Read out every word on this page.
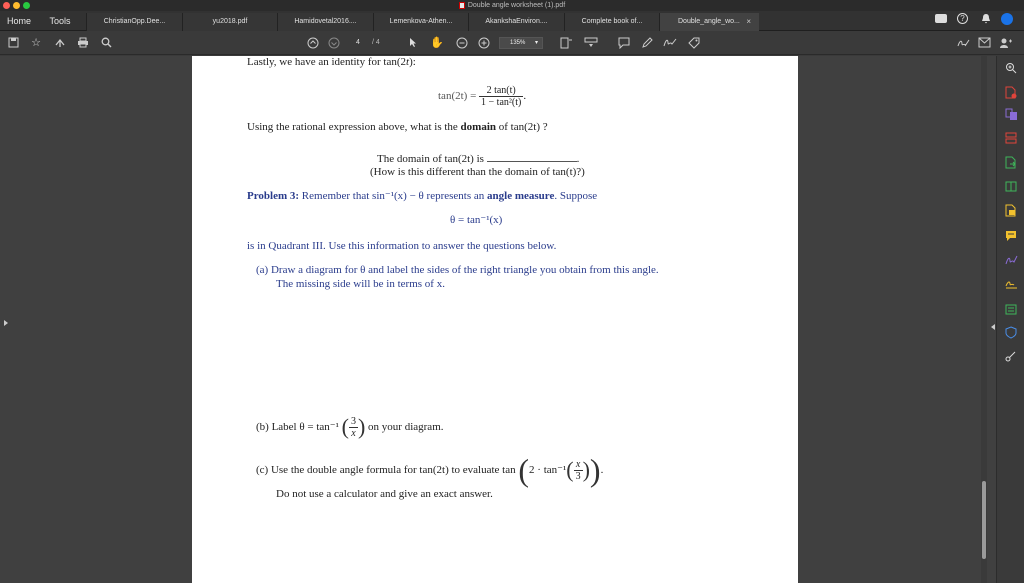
Double angle worksheet (1).pdf
Home	Tools	ChristianOpp.Dee...	yu2018.pdf	Hamidovetal2016....	Lemenkova-Athen...	AkankshaEnviron....	Complete book of...	Double_angle_wo... ×	?
☆	4 / 4	✋	135% ▾
Lastly, we have an identity for tan(2t):
$\tan(2t) = \frac{2 \tan(t)}{\text{1 − tan²(t)}}$ .
Using the rational expression above, what is the domain of tan(2t) ?
The domain of tan(2t) is	.
(How is this different than the domain of tan(t)?)
Problem 3: Remember that sin⁻¹(x) − θ represents an angle measure. Suppose
θ = tan⁻¹(x)
is in Quadrant III. Use this information to answer the questions below.
(a) Draw a diagram for θ and label the sides of the right triangle you obtain from this angle.
The missing side will be in terms of x.
(b) Label θ = tan⁻¹ ( $\frac{3}{x}$ ) on your diagram.
(c) Use the double angle formula for tan(2t) to evaluate $\tan (2 \cdot \tan^{-1}( \frac{x}{3}$ )).
Do not use a calculator and give an exact answer.
